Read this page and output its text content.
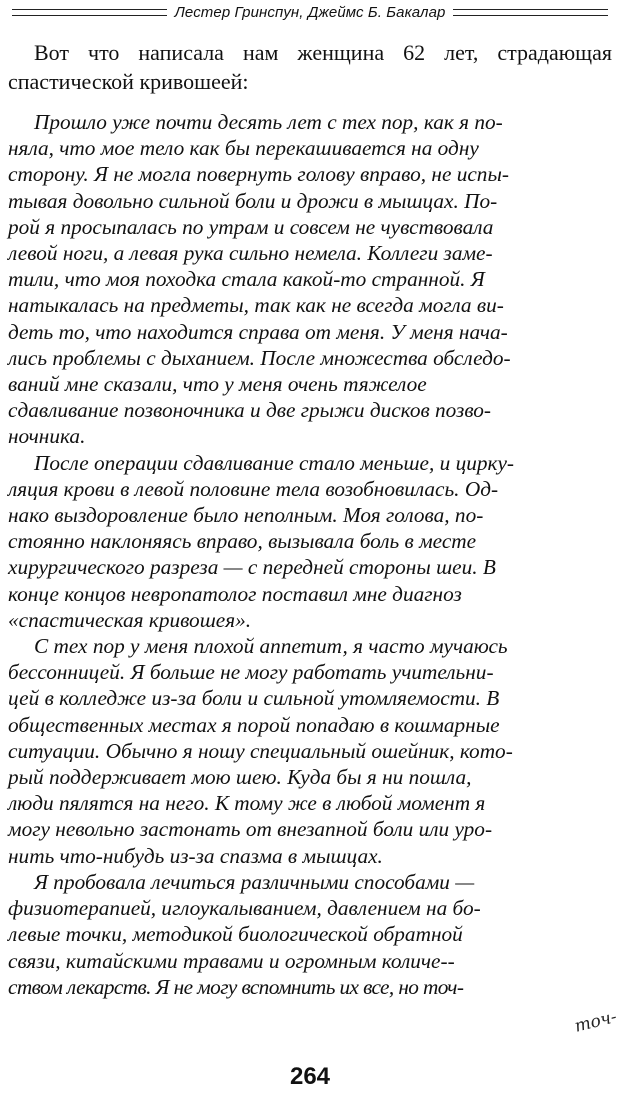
Лестер Гринспун, Джеймс Б. Бакалар

Вот что написала нам женщина 62 лет, страдающая спастической кривошеей:

Прошло уже почти десять лет с тех пор, как я по-
няла, что мое тело как бы перекашивается на одну
сторону. Я не могла повернуть голову вправо, не испы-
тывая довольно сильной боли и дрожи в мышцах. По-
рой я просыпалась по утрам и совсем не чувствовала
левой ноги, а левая рука сильно немела. Коллеги заме-
тили, что моя походка стала какой-то странной. Я
натыкалась на предметы, так как не всегда могла ви-
деть то, что находится справа от меня. У меня нача-
лись проблемы с дыханием. После множества обследо-
ваний мне сказали, что у меня очень тяжелое
сдавливание позвоночника и две грыжи дисков позво-
ночника.

После операции сдавливание стало меньше, и цирку-
ляция крови в левой половине тела возобновилась. Од-
нако выздоровление было неполным. Моя голова, по-
стоянно наклоняясь вправо, вызывала боль в месте
хирургического разреза — с передней стороны шеи. В
конце концов невропатолог поставил мне диагноз
«спастическая кривошея».

С тех пор у меня плохой аппетит, я часто мучаюсь
бессонницей. Я больше не могу работать учительни-
цей в колледже из-за боли и сильной утомляемости. В
общественных местах я порой попадаю в кошмарные
ситуации. Обычно я ношу специальный ошейник, кото-
рый поддерживает мою шею. Куда бы я ни пошла,
люди пялятся на него. К тому же в любой момент я
могу невольно застонать от внезапной боли или уро-
нить что-нибудь из-за спазма в мышцах.

Я пробовала лечиться различными способами —
физиотерапией, иглоукалыванием, давлением на бо-
левые точки, методикой биологической обратной
связи, китайскими травами и огромным количе--
ством лекарств. Я не могу вспомнить их все, но точ-

точ-
264
